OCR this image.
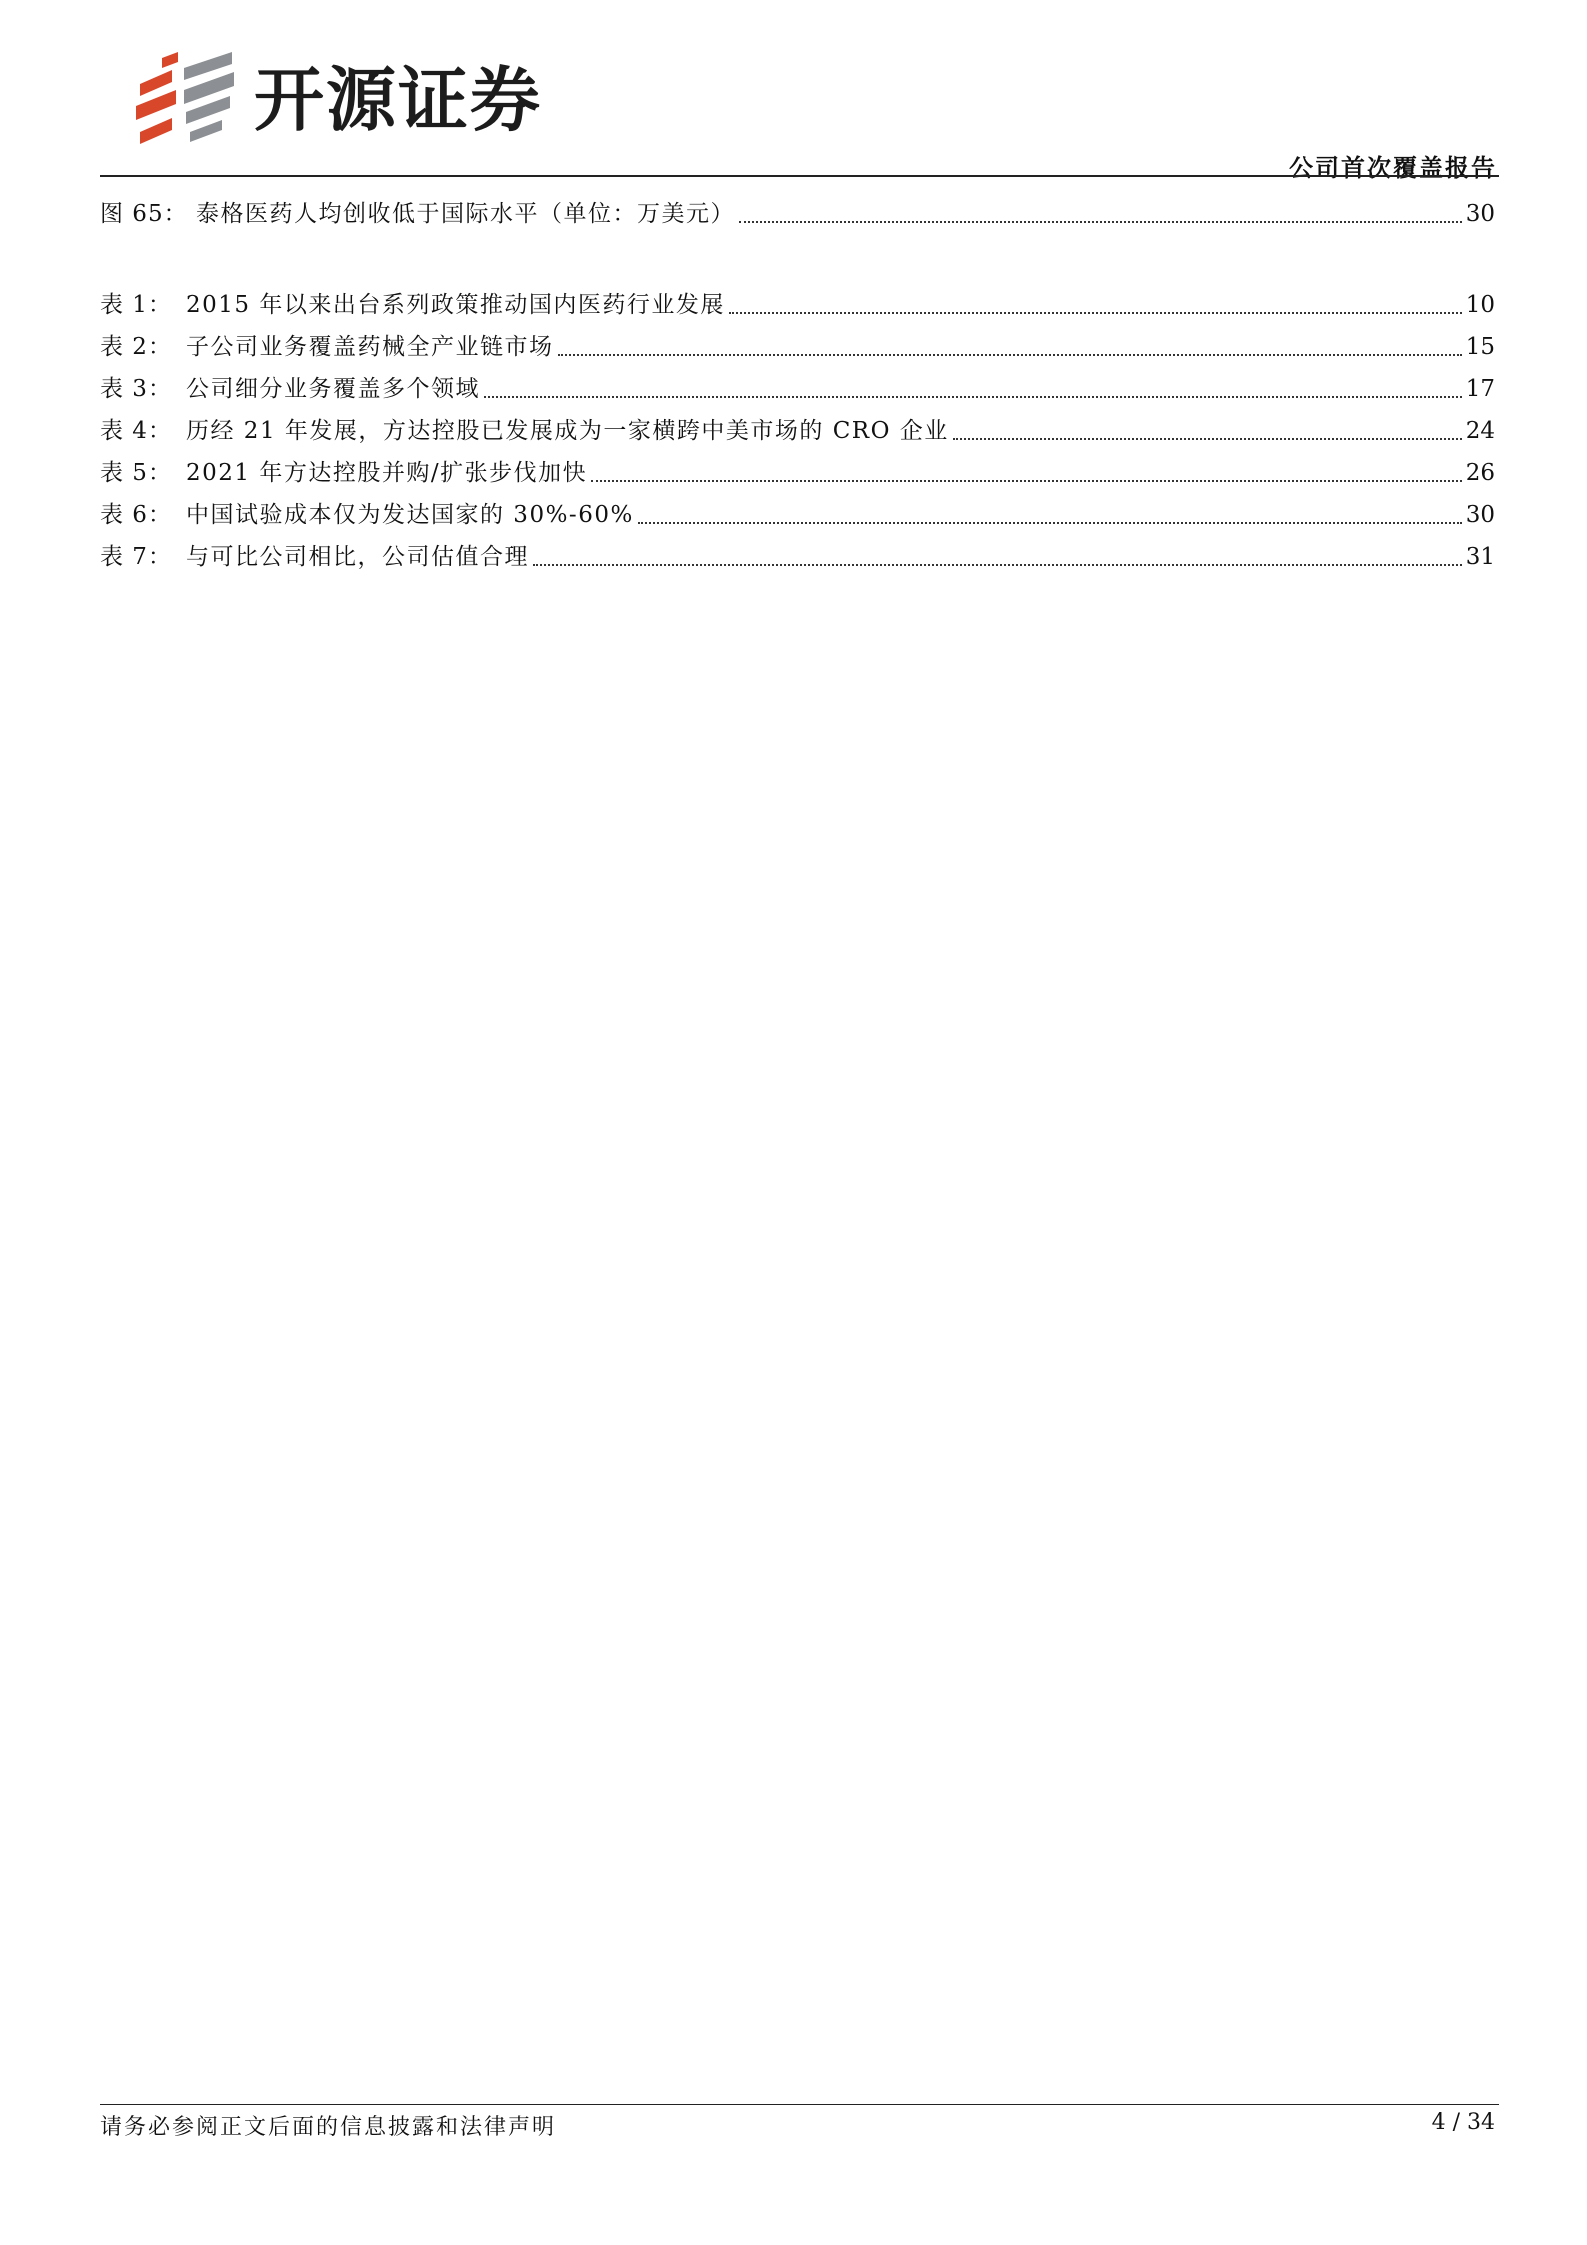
开源证券
公司首次覆盖报告
图 65： 泰格医药人均创收低于国际水平（单位：万美元）	30
表 1： 2015 年以来出台系列政策推动国内医药行业发展	10
表 2： 子公司业务覆盖药械全产业链市场	15
表 3： 公司细分业务覆盖多个领域	17
表 4： 历经 21 年发展，方达控股已发展成为一家横跨中美市场的 CRO 企业	24
表 5： 2021 年方达控股并购/扩张步伐加快	26
表 6： 中国试验成本仅为发达国家的 30%-60%	30
表 7： 与可比公司相比，公司估值合理	31
请务必参阅正文后面的信息披露和法律声明	4 / 34
